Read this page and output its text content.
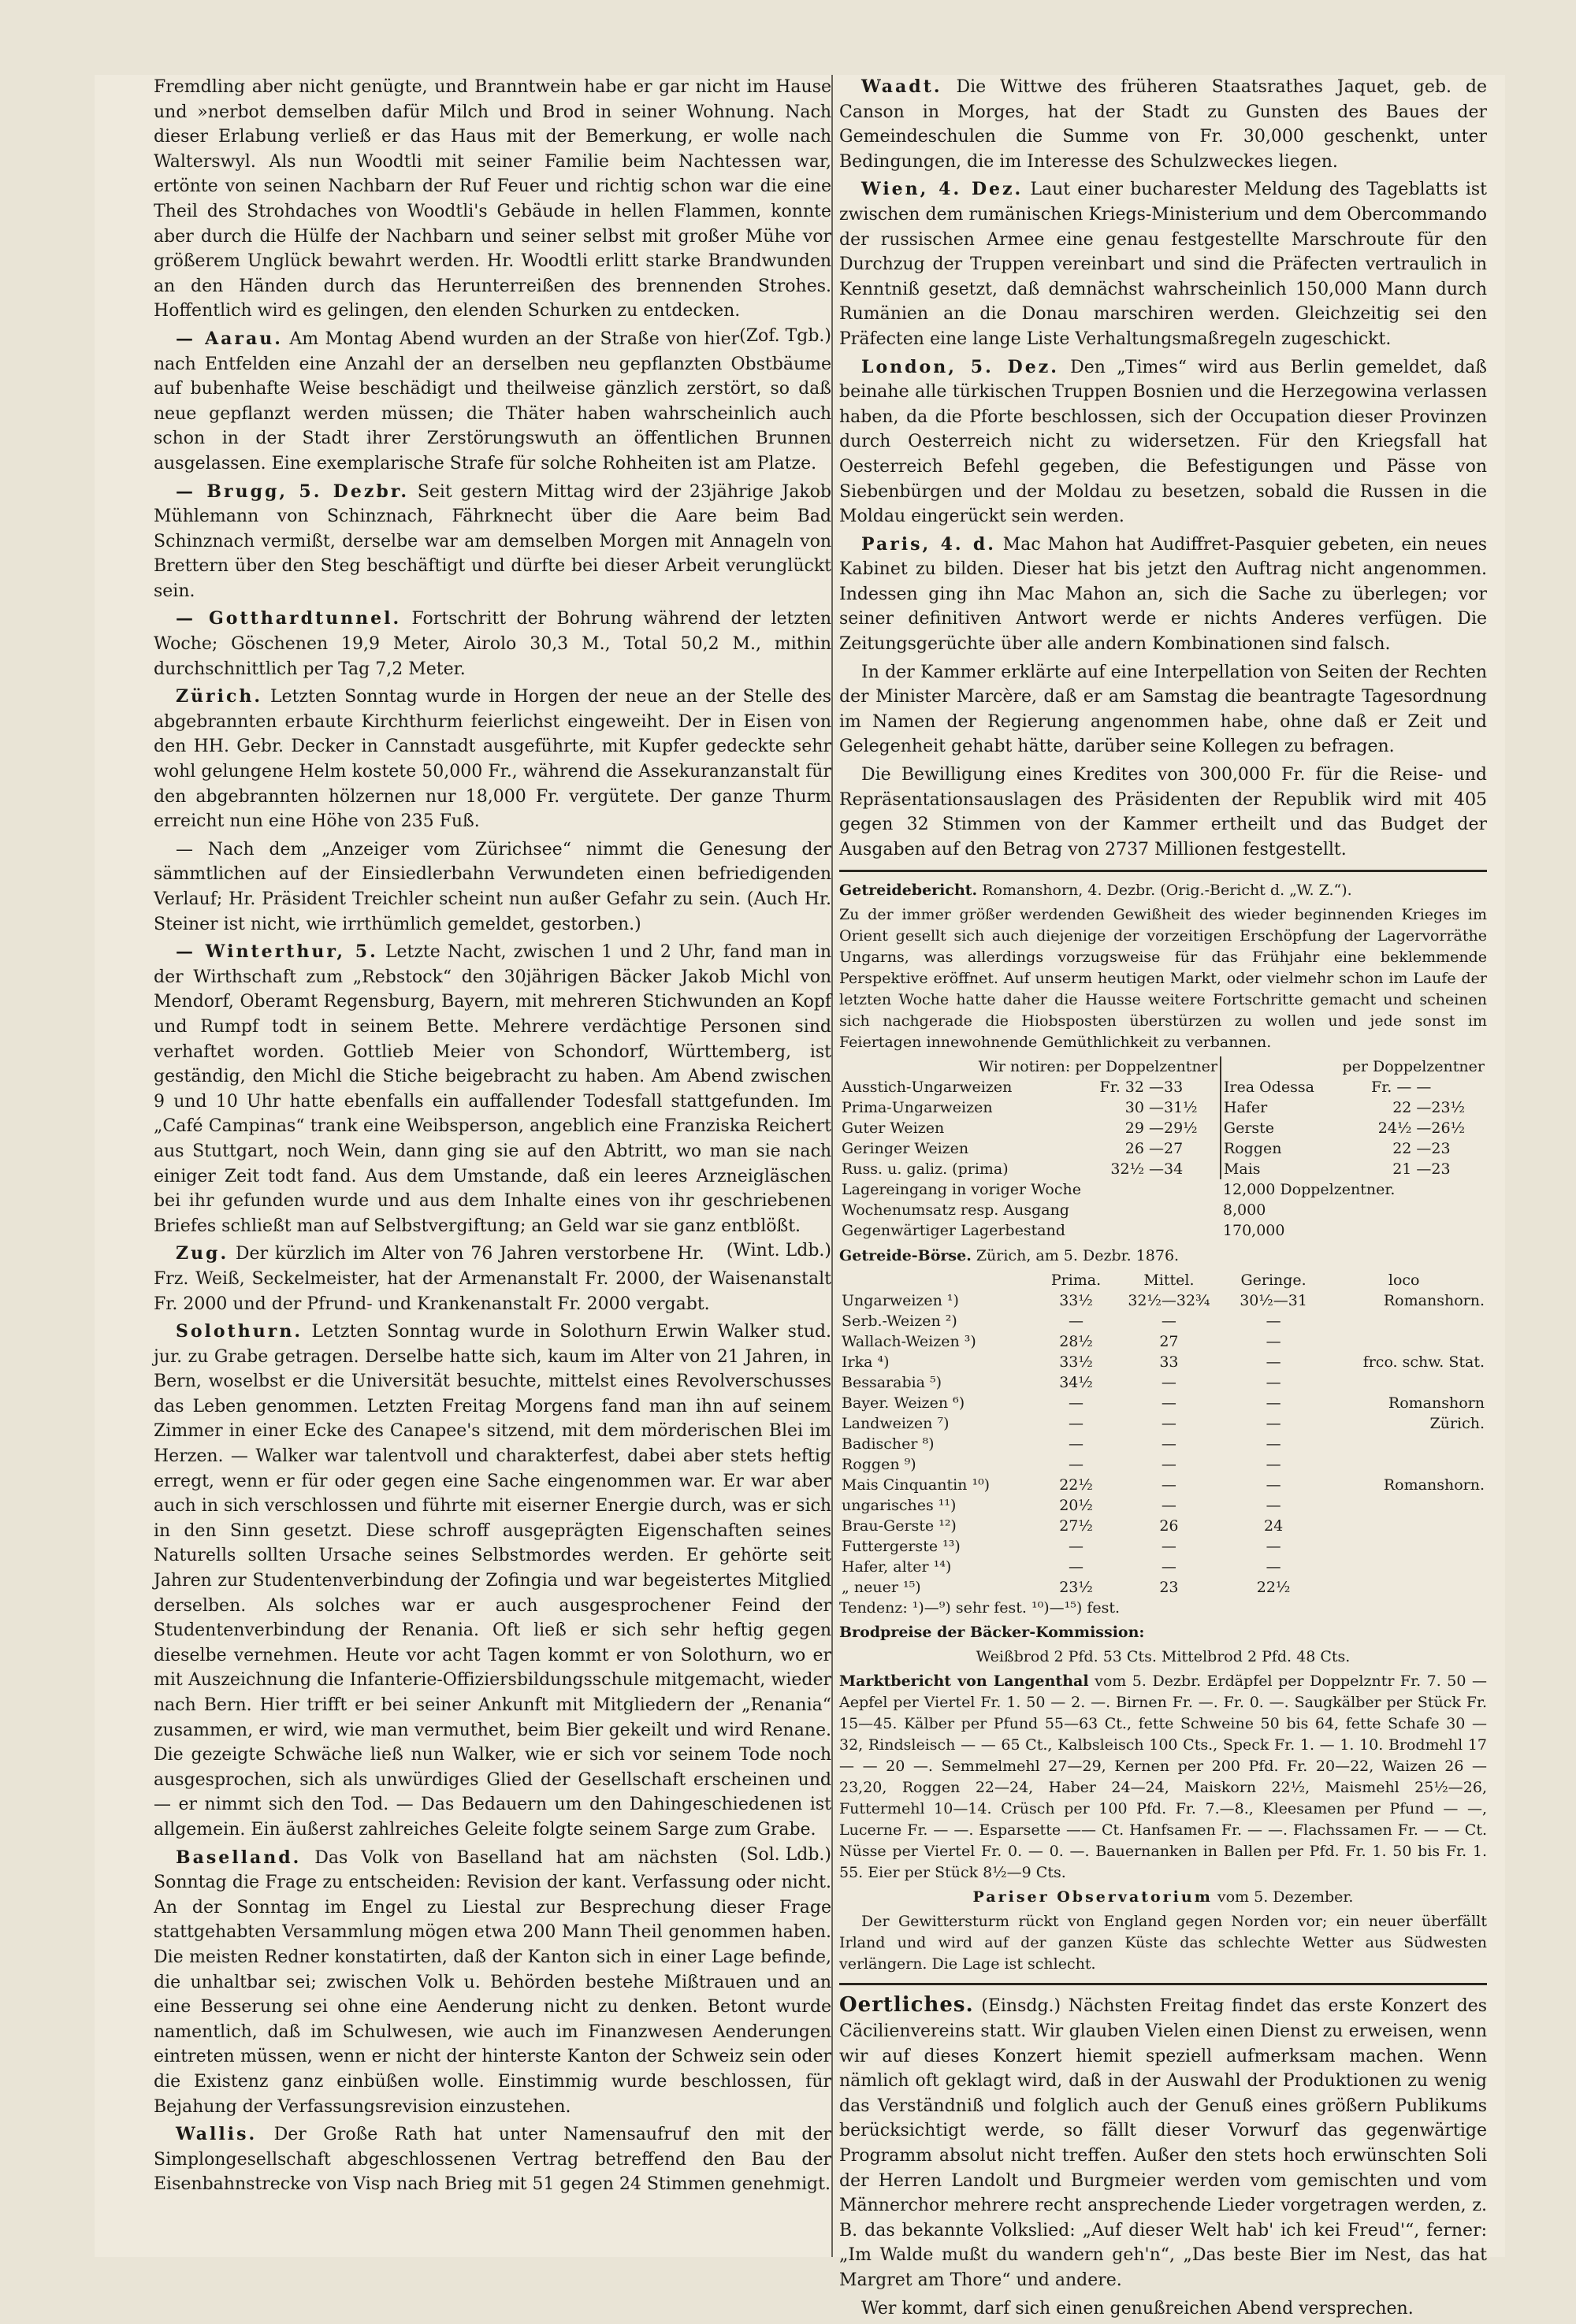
Fremdling aber nicht genügte, und Branntwein habe er gar nicht im Hause und »nerbot demselben dafür Milch und Brod in seiner Wohnung. Nach dieser Erlabung verließ er das Haus mit der Bemerkung, er wolle nach Walterswyl. Als nun Woodtli mit seiner Familie beim Nachtessen war, ertönte von seinen Nachbarn der Ruf Feuer und richtig schon war die eine Theil des Strohdaches von Woodtli's Gebäude in hellen Flammen, konnte aber durch die Hülfe der Nachbarn und seiner selbst mit großer Mühe vor größerem Unglück bewahrt werden. Hr. Woodtli erlitt starke Brandwunden an den Händen durch das Herunterreißen des brennenden Strohes. Hoffentlich wird es gelingen, den elenden Schurken zu entdecken.
(Zof. Tgb.)

— Aarau. Am Montag Abend wurden an der Straße von hier nach Entfelden eine Anzahl der an derselben neu gepflanzten Obstbäume auf bubenhafte Weise beschädigt und theilweise gänzlich zerstört, so daß neue gepflanzt werden müssen; die Thäter haben wahrscheinlich auch schon in der Stadt ihrer Zerstörungswuth an öffentlichen Brunnen ausgelassen. Eine exemplarische Strafe für solche Rohheiten ist am Platze.

— Brugg, 5. Dezbr. Seit gestern Mittag wird der 23jährige Jakob Mühlemann von Schinznach, Fährknecht über die Aare beim Bad Schinznach vermißt, derselbe war am demselben Morgen mit Annageln von Brettern über den Steg beschäftigt und dürfte bei dieser Arbeit verunglückt sein.

— Gotthardtunnel. Fortschritt der Bohrung während der letzten Woche; Göschenen 19,9 Meter, Airolo 30,3 M., Total 50,2 M., mithin durchschnittlich per Tag 7,2 Meter.

Zürich. Letzten Sonntag wurde in Horgen der neue an der Stelle des abgebrannten erbaute Kirchthurm feierlichst eingeweiht. Der in Eisen von den HH. Gebr. Decker in Cannstadt ausgeführte, mit Kupfer gedeckte sehr wohl gelungene Helm kostete 50,000 Fr., während die Assekuranzanstalt für den abgebrannten hölzernen nur 18,000 Fr. vergütete. Der ganze Thurm erreicht nun eine Höhe von 235 Fuß.

— Nach dem „Anzeiger vom Zürichsee“ nimmt die Genesung der sämmtlichen auf der Einsiedlerbahn Verwundeten einen befriedigenden Verlauf; Hr. Präsident Treichler scheint nun außer Gefahr zu sein. (Auch Hr. Steiner ist nicht, wie irrthümlich gemeldet, gestorben.)

— Winterthur, 5. Letzte Nacht, zwischen 1 und 2 Uhr, fand man in der Wirthschaft zum „Rebstock“ den 30jährigen Bäcker Jakob Michl von Mendorf, Oberamt Regensburg, Bayern, mit mehreren Stichwunden an Kopf und Rumpf todt in seinem Bette. Mehrere verdächtige Personen sind verhaftet worden. Gottlieb Meier von Schondorf, Württemberg, ist geständig, den Michl die Stiche beigebracht zu haben. Am Abend zwischen 9 und 10 Uhr hatte ebenfalls ein auffallender Todesfall stattgefunden. Im „Café Campinas“ trank eine Weibsperson, angeblich eine Franziska Reichert aus Stuttgart, noch Wein, dann ging sie auf den Abtritt, wo man sie nach einiger Zeit todt fand. Aus dem Umstande, daß ein leeres Arzneigläschen bei ihr gefunden wurde und aus dem Inhalte eines von ihr geschriebenen Briefes schließt man auf Selbstvergiftung; an Geld war sie ganz entblößt.
(Wint. Ldb.)

Zug. Der kürzlich im Alter von 76 Jahren verstorbene Hr. Frz. Weiß, Seckelmeister, hat der Armenanstalt Fr. 2000, der Waisenanstalt Fr. 2000 und der Pfrund- und Krankenanstalt Fr. 2000 vergabt.

Solothurn. Letzten Sonntag wurde in Solothurn Erwin Walker stud. jur. zu Grabe getragen. Derselbe hatte sich, kaum im Alter von 21 Jahren, in Bern, woselbst er die Universität besuchte, mittelst eines Revolverschusses das Leben genommen. Letzten Freitag Morgens fand man ihn auf seinem Zimmer in einer Ecke des Canapee's sitzend, mit dem mörderischen Blei im Herzen. — Walker war talentvoll und charakterfest, dabei aber stets heftig erregt, wenn er für oder gegen eine Sache eingenommen war. Er war aber auch in sich verschlossen und führte mit eiserner Energie durch, was er sich in den Sinn gesetzt. Diese schroff ausgeprägten Eigenschaften seines Naturells sollten Ursache seines Selbstmordes werden. Er gehörte seit Jahren zur Studentenverbindung der Zofingia und war begeistertes Mitglied derselben. Als solches war er auch ausgesprochener Feind der Studentenverbindung der Renania. Oft ließ er sich sehr heftig gegen dieselbe vernehmen. Heute vor acht Tagen kommt er von Solothurn, wo er mit Auszeichnung die Infanterie-Offiziersbildungsschule mitgemacht, wieder nach Bern. Hier trifft er bei seiner Ankunft mit Mitgliedern der „Renania“ zusammen, er wird, wie man vermuthet, beim Bier gekeilt und wird Renane. Die gezeigte Schwäche ließ nun Walker, wie er sich vor seinem Tode noch ausgesprochen, sich als unwürdiges Glied der Gesellschaft erscheinen und — er nimmt sich den Tod. — Das Bedauern um den Dahingeschiedenen ist allgemein. Ein äußerst zahlreiches Geleite folgte seinem Sarge zum Grabe.
(Sol. Ldb.)

Baselland. Das Volk von Baselland hat am nächsten Sonntag die Frage zu entscheiden: Revision der kant. Verfassung oder nicht. An der Sonntag im Engel zu Liestal zur Besprechung dieser Frage stattgehabten Versammlung mögen etwa 200 Mann Theil genommen haben. Die meisten Redner konstatirten, daß der Kanton sich in einer Lage befinde, die unhaltbar sei; zwischen Volk u. Behörden bestehe Mißtrauen und an eine Besserung sei ohne eine Aenderung nicht zu denken. Betont wurde namentlich, daß im Schulwesen, wie auch im Finanzwesen Aenderungen eintreten müssen, wenn er nicht der hinterste Kanton der Schweiz sein oder die Existenz ganz einbüßen wolle. Einstimmig wurde beschlossen, für Bejahung der Verfassungsrevision einzustehen.

Wallis. Der Große Rath hat unter Namensaufruf den mit der Simplongesellschaft abgeschlossenen Vertrag betreffend den Bau der Eisenbahnstrecke von Visp nach Brieg mit 51 gegen 24 Stimmen genehmigt.

Waadt. Die Wittwe des früheren Staatsrathes Jaquet, geb. de Canson in Morges, hat der Stadt zu Gunsten des Baues der Gemeindeschulen die Summe von Fr. 30,000 geschenkt, unter Bedingungen, die im Interesse des Schulzweckes liegen.

Wien, 4. Dez. Laut einer bucharester Meldung des Tageblatts ist zwischen dem rumänischen Kriegs-Ministerium und dem Obercommando der russischen Armee eine genau festgestellte Marschroute für den Durchzug der Truppen vereinbart und sind die Präfecten vertraulich in Kenntniß gesetzt, daß demnächst wahrscheinlich 150,000 Mann durch Rumänien an die Donau marschiren werden. Gleichzeitig sei den Präfecten eine lange Liste Verhaltungsmaßregeln zugeschickt.

London, 5. Dez. Den „Times“ wird aus Berlin gemeldet, daß beinahe alle türkischen Truppen Bosnien und die Herzegowina verlassen haben, da die Pforte beschlossen, sich der Occupation dieser Provinzen durch Oesterreich nicht zu widersetzen. Für den Kriegsfall hat Oesterreich Befehl gegeben, die Befestigungen und Pässe von Siebenbürgen und der Moldau zu besetzen, sobald die Russen in die Moldau eingerückt sein werden.

Paris, 4. d. Mac Mahon hat Audiffret-Pasquier gebeten, ein neues Kabinet zu bilden. Dieser hat bis jetzt den Auftrag nicht angenommen. Indessen ging ihn Mac Mahon an, sich die Sache zu überlegen; vor seiner definitiven Antwort werde er nichts Anderes verfügen. Die Zeitungsgerüchte über alle andern Kombinationen sind falsch.

In der Kammer erklärte auf eine Interpellation von Seiten der Rechten der Minister Marcère, daß er am Samstag die beantragte Tagesordnung im Namen der Regierung angenommen habe, ohne daß er Zeit und Gelegenheit gehabt hätte, darüber seine Kollegen zu befragen.

Die Bewilligung eines Kredites von 300,000 Fr. für die Reise- und Repräsentationsauslagen des Präsidenten der Republik wird mit 405 gegen 32 Stimmen von der Kammer ertheilt und das Budget der Ausgaben auf den Betrag von 2737 Millionen festgestellt.

Getreidebericht. Romanshorn, 4. Dezbr. (Orig.-Bericht d. „W. Z.“).

Zu der immer größer werdenden Gewißheit des wieder beginnenden Krieges im Orient gesellt sich auch diejenige der vorzeitigen Erschöpfung der Lagervorräthe Ungarns, was allerdings vorzugsweise für das Frühjahr eine beklemmende Perspektive eröffnet. Auf unserm heutigen Markt, oder vielmehr schon im Laufe der letzten Woche hatte daher die Hausse weitere Fortschritte gemacht und scheinen sich nachgerade die Hiobsposten überstürzen zu wollen und jede sonst im Feiertagen innewohnende Gemüthlichkeit zu verbannen.

Wir notiren: per Doppelzentner			per Doppelzentner		
Ausstich-Ungarweizen	Fr. 32	—33	Irea Odessa	Fr. —	—
Prima-Ungarweizen	30	—31½	Hafer	22	—23½
Guter Weizen	29	—29½	Gerste	24½	—26½
Geringer Weizen	26	—27	Roggen	22	—23
Russ. u. galiz. (prima)	32½	—34	Mais	21	—23
Lagereingang in voriger Woche			12,000 Doppelzentner.		
Wochenumsatz resp. Ausgang			8,000		
Gegenwärtiger Lagerbestand			170,000		

Getreide-Börse. Zürich, am 5. Dezbr. 1876.

	Prima.	Mittel.	Geringe.	loco
Ungarweizen ¹)	33½	32½—32¾	30½—31	Romanshorn.
Serb.-Weizen ²)	—	—	—	
Wallach-Weizen ³)	28½	27	—	
Irka ⁴)	33½	33	—	frco. schw. Stat.
Bessarabia ⁵)	34½	—	—	
Bayer. Weizen ⁶)	—	—	—	Romanshorn
Landweizen ⁷)	—	—	—	Zürich.
Badischer ⁸)	—	—	—	
Roggen ⁹)	—	—	—	
Mais Cinquantin ¹⁰)	22½	—	—	Romanshorn.
ungarisches ¹¹)	20½	—	—	
Brau-Gerste ¹²)	27½	26	24	
Futtergerste ¹³)	—	—	—	
Hafer, alter ¹⁴)	—	—	—	
„ neuer ¹⁵)	23½	23	22½	

Tendenz: ¹)—⁹) sehr fest. ¹⁰)—¹⁵) fest.

Brodpreise der Bäcker-Kommission:

Weißbrod 2 Pfd. 53 Cts. Mittelbrod 2 Pfd. 48 Cts.

Marktbericht von Langenthal vom 5. Dezbr. Erdäpfel per Doppelzntr Fr. 7. 50 — Aepfel per Viertel Fr. 1. 50 — 2. —. Birnen Fr. —. Fr. 0. —. Saugkälber per Stück Fr. 15—45. Kälber per Pfund 55—63 Ct., fette Schweine 50 bis 64, fette Schafe 30 — 32, Rindsleisch — — 65 Ct., Kalbsleisch 100 Cts., Speck Fr. 1. — 1. 10. Brodmehl 17 — — 20 —. Semmelmehl 27—29, Kernen per 200 Pfd. Fr. 20—22, Waizen 26 — 23,20, Roggen 22—24, Haber 24—24, Maiskorn 22½, Maismehl 25½—26, Futtermehl 10—14. Crüsch per 100 Pfd. Fr. 7.—8., Kleesamen per Pfund — —, Lucerne Fr. — —. Esparsette —— Ct. Hanfsamen Fr. — —. Flachssamen Fr. — — Ct. Nüsse per Viertel Fr. 0. — 0. —. Bauernanken in Ballen per Pfd. Fr. 1. 50 bis Fr. 1. 55. Eier per Stück 8½—9 Cts.

Pariser Observatorium vom 5. Dezember.

Der Gewittersturm rückt von England gegen Norden vor; ein neuer überfällt Irland und wird auf der ganzen Küste das schlechte Wetter aus Südwesten verlängern. Die Lage ist schlecht.

Oertliches. (Einsdg.) Nächsten Freitag findet das erste Konzert des Cäcilienvereins statt. Wir glauben Vielen einen Dienst zu erweisen, wenn wir auf dieses Konzert hiemit speziell aufmerksam machen. Wenn nämlich oft geklagt wird, daß in der Auswahl der Produktionen zu wenig das Verständniß und folglich auch der Genuß eines größern Publikums berücksichtigt werde, so fällt dieser Vorwurf das gegenwärtige Programm absolut nicht treffen. Außer den stets hoch erwünschten Soli der Herren Landolt und Burgmeier werden vom gemischten und vom Männerchor mehrere recht ansprechende Lieder vorgetragen werden, z. B. das bekannte Volkslied: „Auf dieser Welt hab' ich kei Freud'“, ferner: „Im Walde mußt du wandern geh'n“, „Das beste Bier im Nest, das hat Margret am Thore“ und andere.

Wer kommt, darf sich einen genußreichen Abend versprechen.
